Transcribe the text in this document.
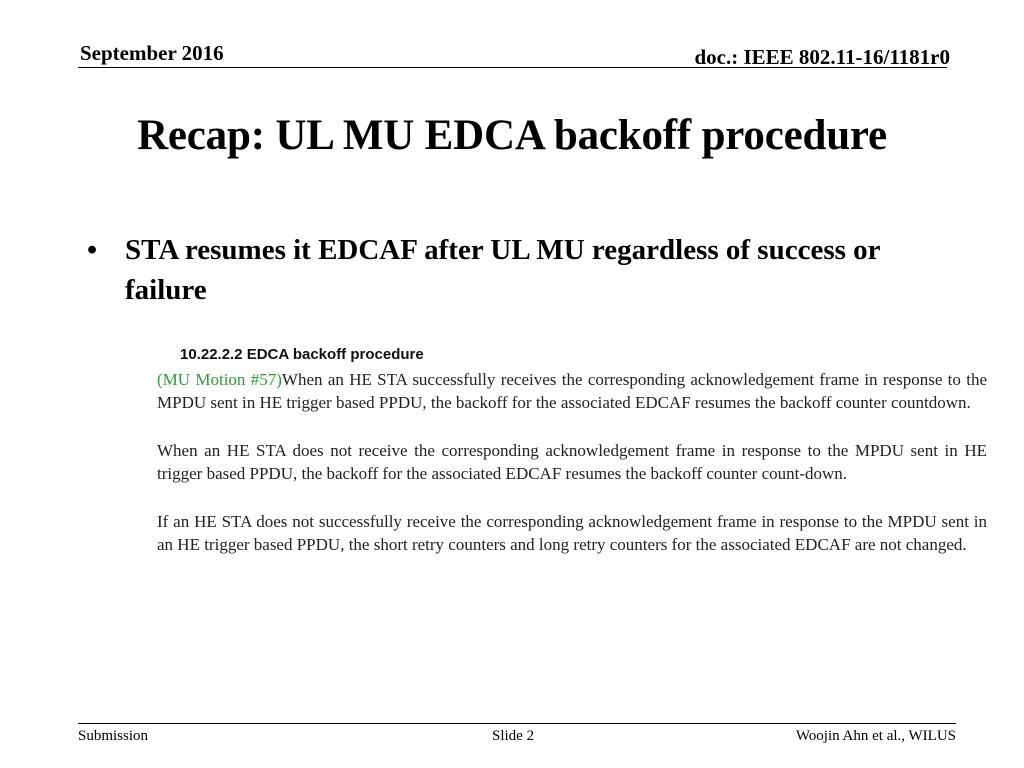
September 2016	doc.: IEEE 802.11-16/1181r0
Recap: UL MU EDCA backoff procedure
• STA resumes it EDCAF after UL MU regardless of success or failure
10.22.2.2 EDCA backoff procedure

(MU Motion #57)When an HE STA successfully receives the corresponding acknowledgement frame in response to the MPDU sent in HE trigger based PPDU, the backoff for the associated EDCAF resumes the backoff counter countdown.

When an HE STA does not receive the corresponding acknowledgement frame in response to the MPDU sent in HE trigger based PPDU, the backoff for the associated EDCAF resumes the backoff counter count-down.

If an HE STA does not successfully receive the corresponding acknowledgement frame in response to the MPDU sent in an HE trigger based PPDU, the short retry counters and long retry counters for the associated EDCAF are not changed.

Submission	Slide 2	Woojin Ahn et al., WILUS
